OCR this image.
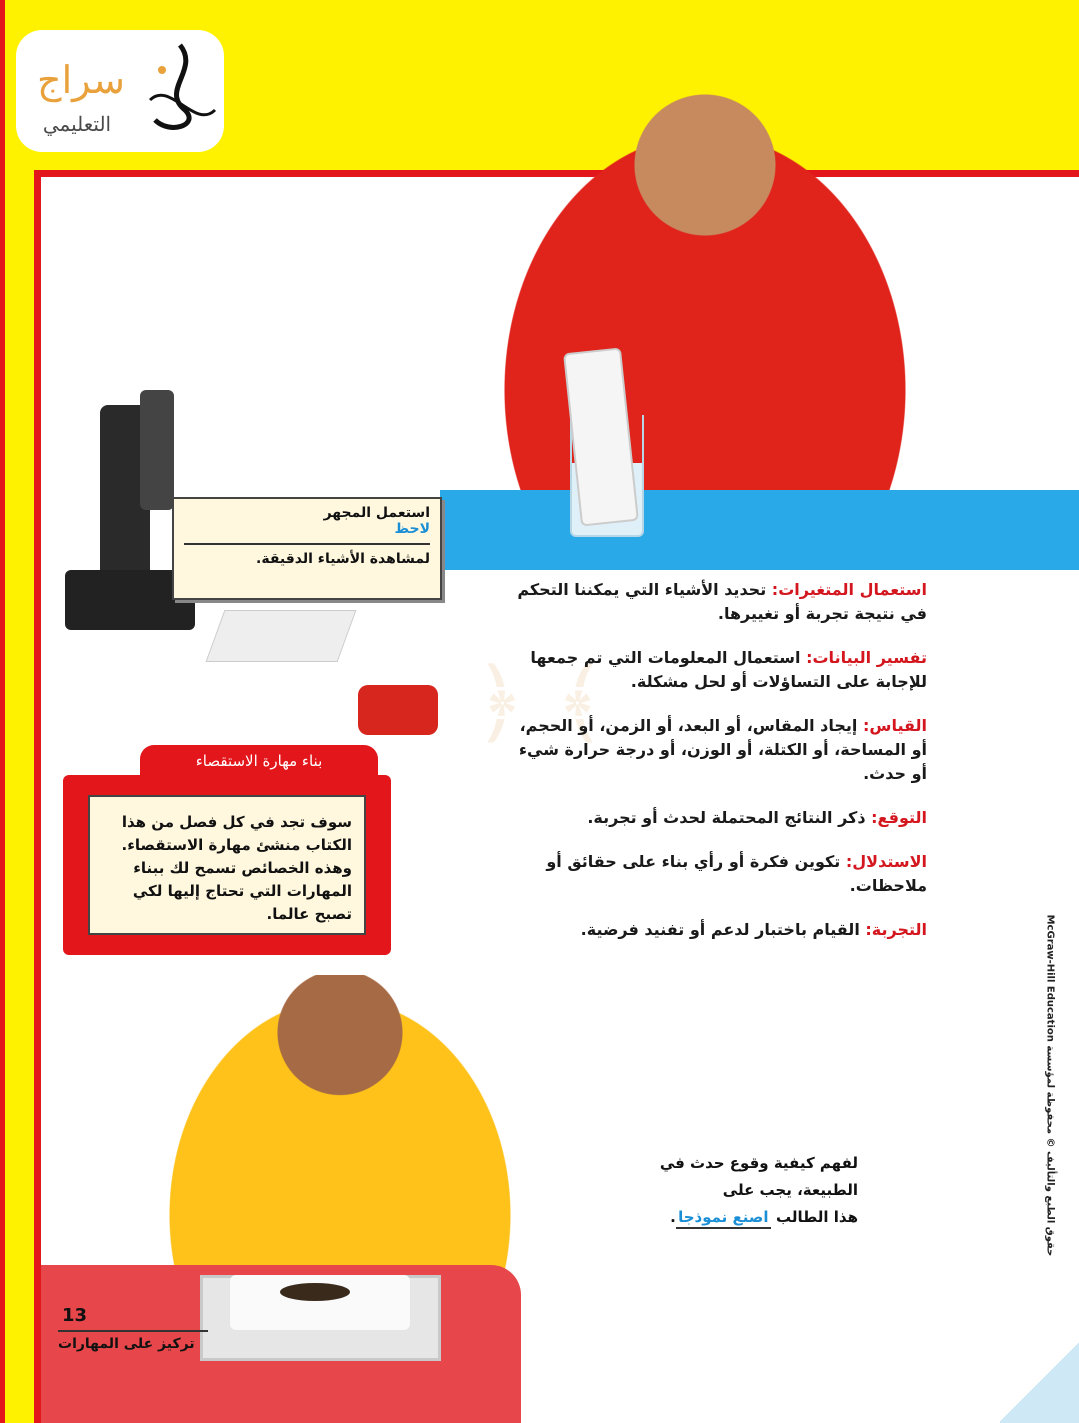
سراج
التعليمي
استعمل المجهر
لاحظ
لمشاهدة الأشياء الدقيقة.
﴿ ﴾

استعمال المتغيرات: تحديد الأشياء التي يمكننا التحكم في نتيجة تجربة أو تغييرها.

تفسير البيانات: استعمال المعلومات التي تم جمعها للإجابة على التساؤلات أو لحل مشكلة.

القياس: إيجاد المقاس، أو البعد، أو الزمن، أو الحجم، أو المساحة، أو الكتلة، أو الوزن، أو درجة حرارة شيء أو حدث.

التوقع: ذكر النتائج المحتملة لحدث أو تجربة.

الاستدلال: تكوين فكرة أو رأي بناء على حقائق أو ملاحظات.

التجربة: القيام باختبار لدعم أو تفنيد فرضية.

بناء مهارة الاستقصاء
سوف تجد في كل فصل من هذا الكتاب منشئ مهارة الاستقصاء. وهذه الخصائص تسمح لك ببناء المهارات التي تحتاج إليها لكي تصبح عالما.
حقوق الطبع والتأليف © محفوظة لمؤسسة McGraw-Hill Education
لفهم كيفية وقوع حدث في
الطبيعة، يجب على
هذا الطالب اصنع نموذجا.
13
تركيز على المهارات
